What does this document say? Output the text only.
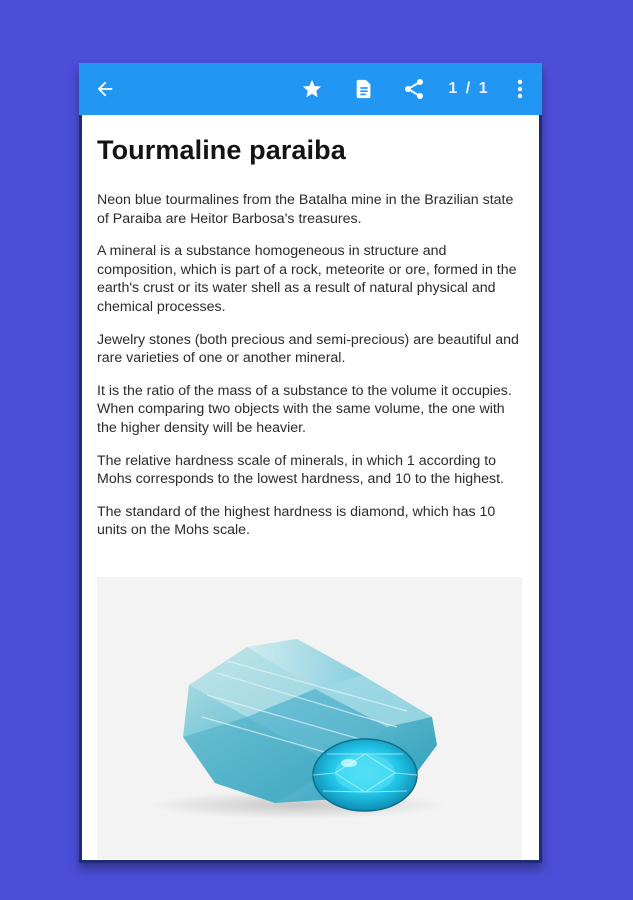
1 / 1
Tourmaline paraiba

Neon blue tourmalines from the Batalha mine in the Brazilian state of Paraiba are Heitor Barbosa's treasures.

A mineral is a substance homogeneous in structure and composition, which is part of a rock, meteorite or ore, formed in the earth's crust or its water shell as a result of natural physical and chemical processes.

Jewelry stones (both precious and semi-precious) are beautiful and rare varieties of one or another mineral.

It is the ratio of the mass of a substance to the volume it occupies. When comparing two objects with the same volume, the one with the higher density will be heavier.

The relative hardness scale of minerals, in which 1 according to Mohs corresponds to the lowest hardness, and 10 to the highest.

The standard of the highest hardness is diamond, which has 10 units on the Mohs scale.
